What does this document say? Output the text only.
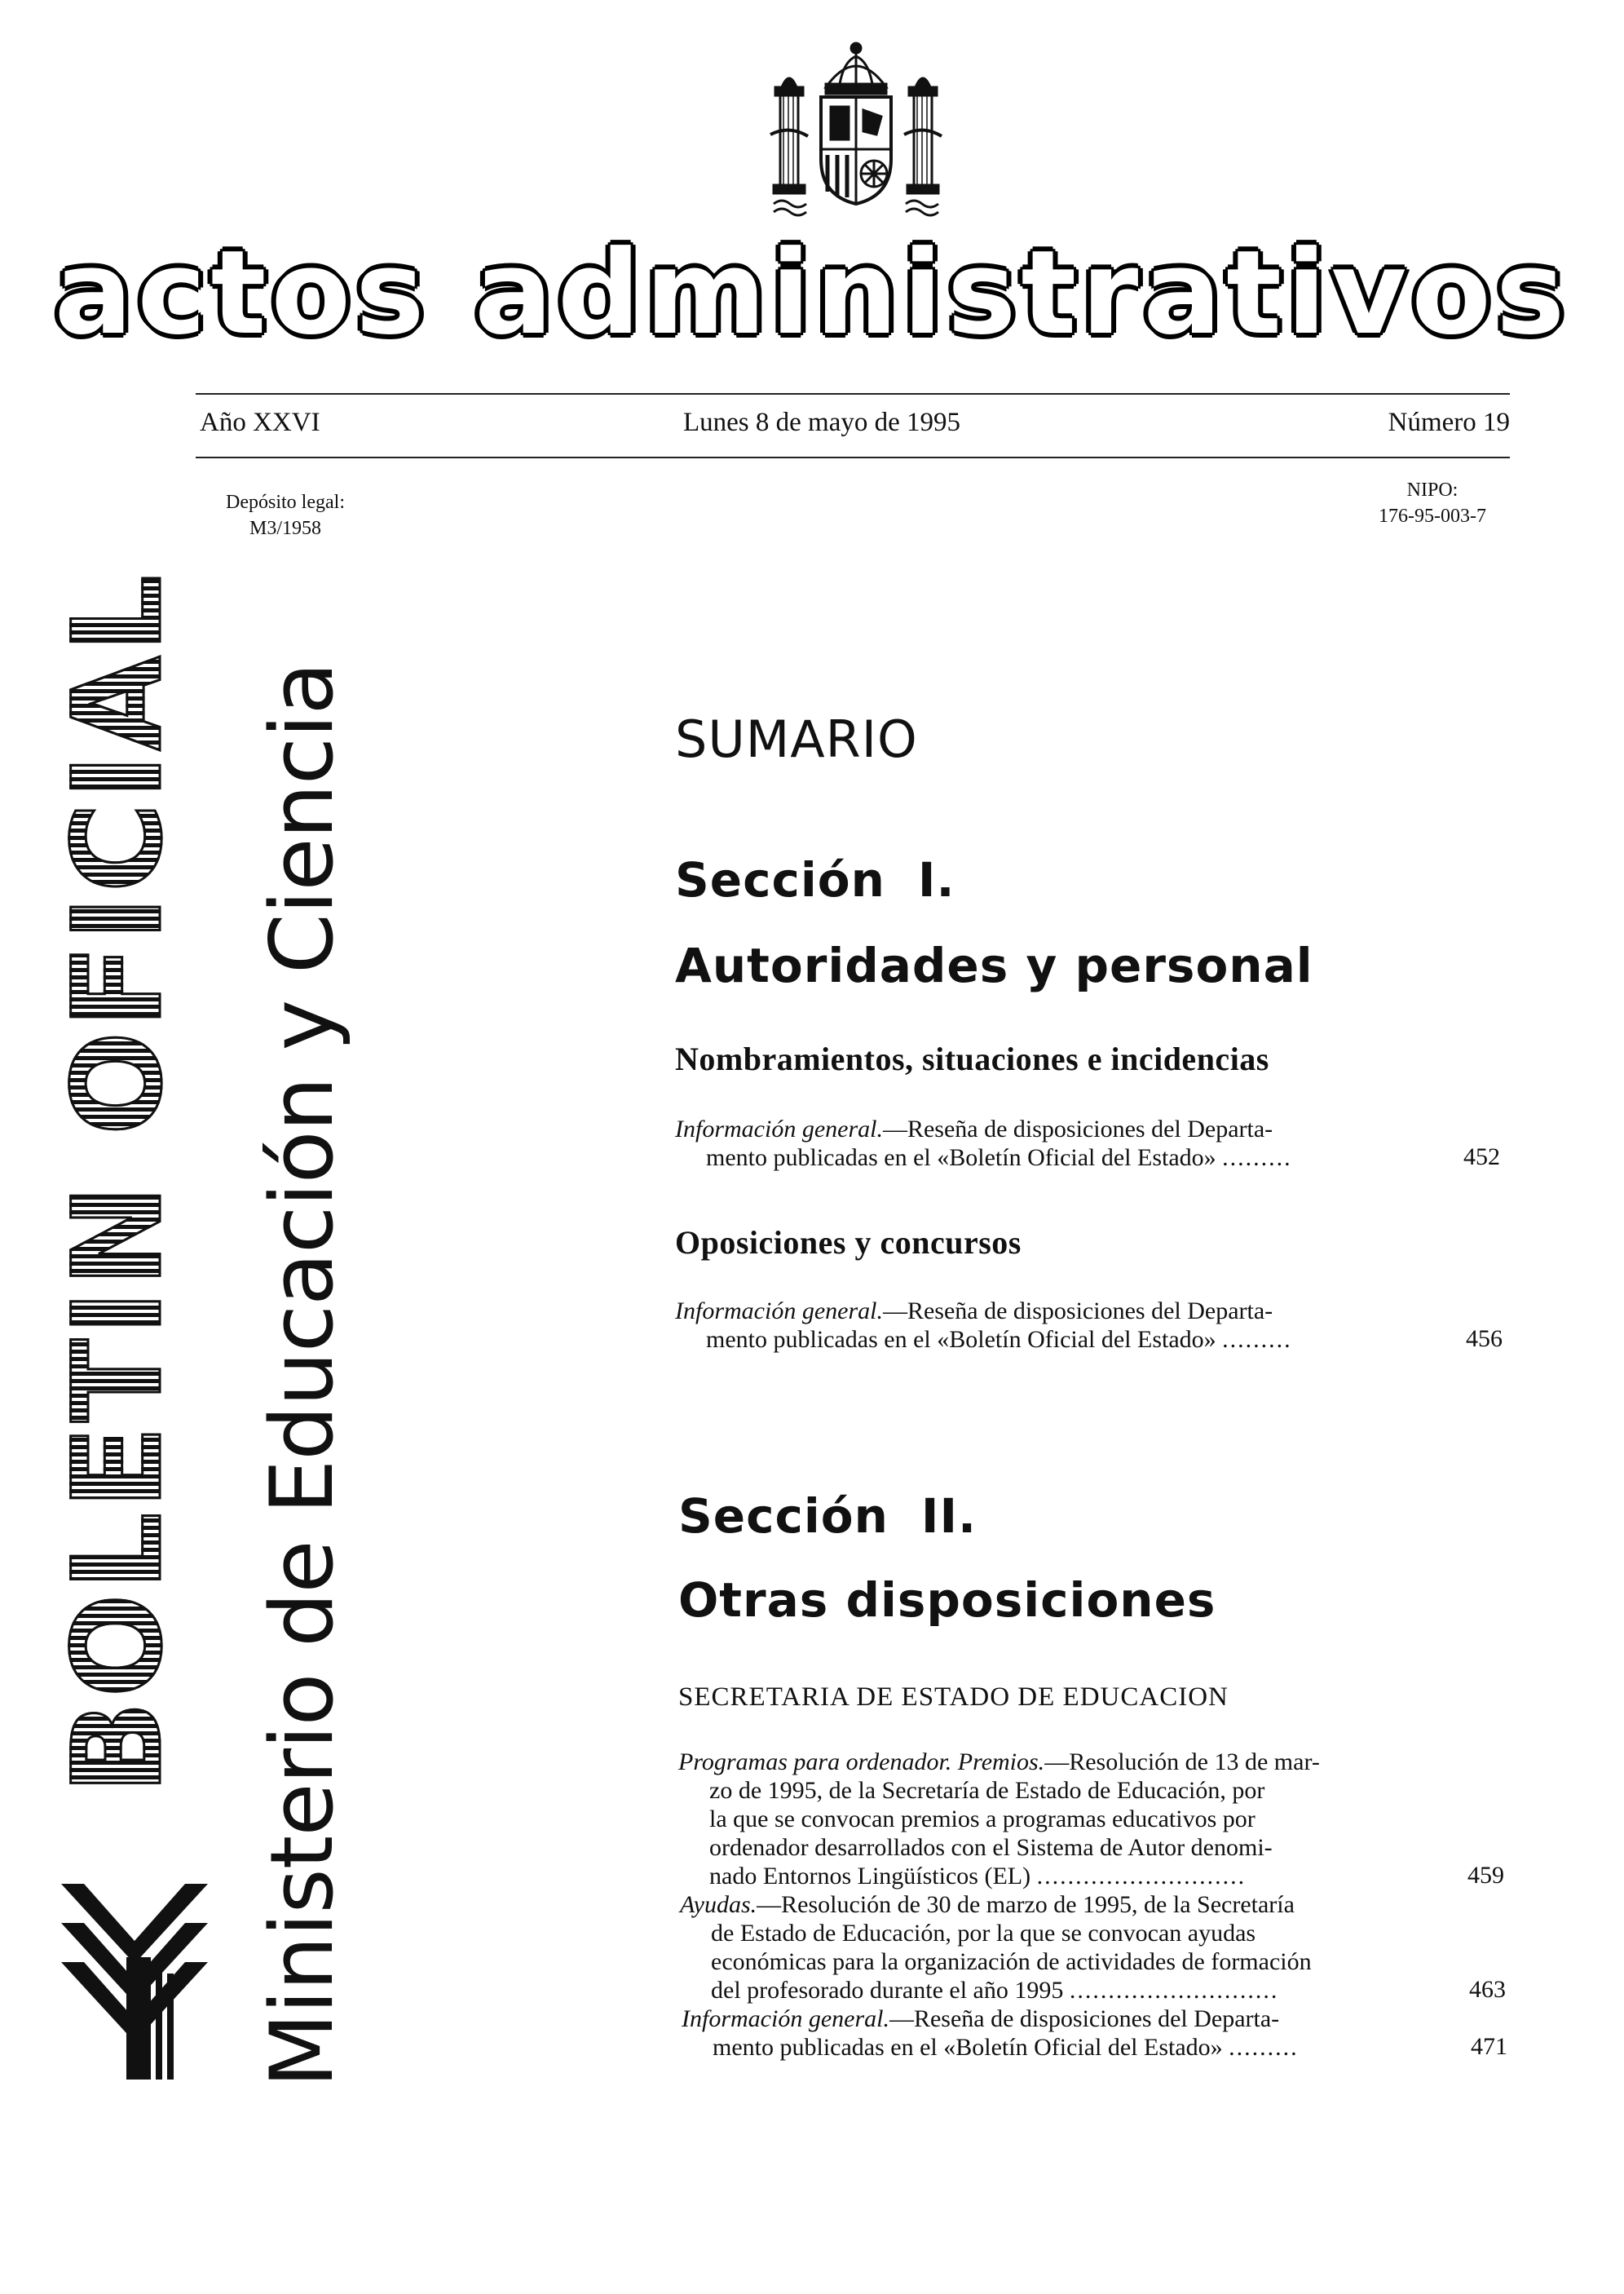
actos administrativos
Año XXVI	Lunes 8 de mayo de 1995	Número 19
Depósito legal:
M3/1958
NIPO:
176-95-003-7
BOLETIN OFICIAL Ministerio de Educación y Ciencia	SUMARIO
Sección I.
Autoridades y personal
Nombramientos, situaciones e incidencias
Información general.—Reseña de disposiciones del Departa-
mento publicadas en el «Boletín Oficial del Estado» .........	452
Oposiciones y concursos
Información general.—Reseña de disposiciones del Departa-
mento publicadas en el «Boletín Oficial del Estado» .........	456
Sección II.
Otras disposiciones
SECRETARIA DE ESTADO DE EDUCACION
Programas para ordenador. Premios.—Resolución de 13 de mar-
zo de 1995, de la Secretaría de Estado de Educación, por
la que se convocan premios a programas educativos por
ordenador desarrollados con el Sistema de Autor denomi-
nado Entornos Lingüísticos (EL) ...........................	459
Ayudas.—Resolución de 30 de marzo de 1995, de la Secretaría
de Estado de Educación, por la que se convocan ayudas
económicas para la organización de actividades de formación
del profesorado durante el año 1995 ...........................	463
Información general.—Reseña de disposiciones del Departa-
mento publicadas en el «Boletín Oficial del Estado» .........	471
